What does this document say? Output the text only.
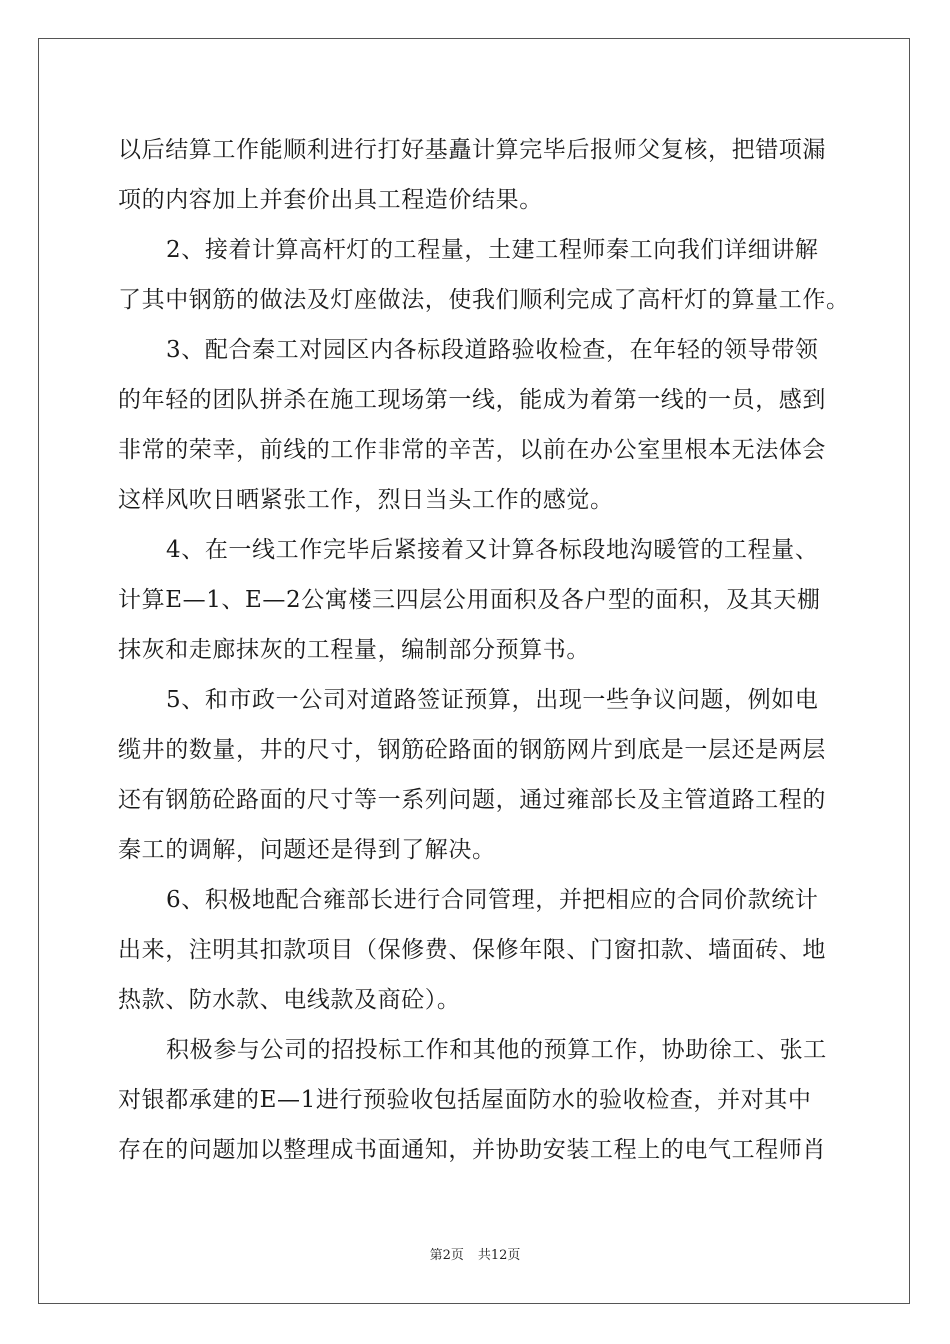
以后结算工作能顺利进行打好基矗计算完毕后报师父复核，把错项漏
项的内容加上并套价出具工程造价结果。
2、接着计算高杆灯的工程量，土建工程师秦工向我们详细讲解
了其中钢筋的做法及灯座做法，使我们顺利完成了高杆灯的算量工作。
3、配合秦工对园区内各标段道路验收检查，在年轻的领导带领
的年轻的团队拼杀在施工现场第一线，能成为着第一线的一员，感到
非常的荣幸，前线的工作非常的辛苦，以前在办公室里根本无法体会
这样风吹日晒紧张工作，烈日当头工作的感觉。
4、在一线工作完毕后紧接着又计算各标段地沟暖管的工程量、
计算E—1、E—2公寓楼三四层公用面积及各户型的面积，及其天棚
抹灰和走廊抹灰的工程量，编制部分预算书。
5、和市政一公司对道路签证预算，出现一些争议问题，例如电
缆井的数量，井的尺寸，钢筋砼路面的钢筋网片到底是一层还是两层
还有钢筋砼路面的尺寸等一系列问题，通过雍部长及主管道路工程的
秦工的调解，问题还是得到了解决。
6、积极地配合雍部长进行合同管理，并把相应的合同价款统计
出来，注明其扣款项目（保修费、保修年限、门窗扣款、墙面砖、地
热款、防水款、电线款及商砼）。
积极参与公司的招投标工作和其他的预算工作，协助徐工、张工
对银都承建的E—1进行预验收包括屋面防水的验收检查，并对其中
存在的问题加以整理成书面通知，并协助安装工程上的电气工程师肖
第2页 共12页
